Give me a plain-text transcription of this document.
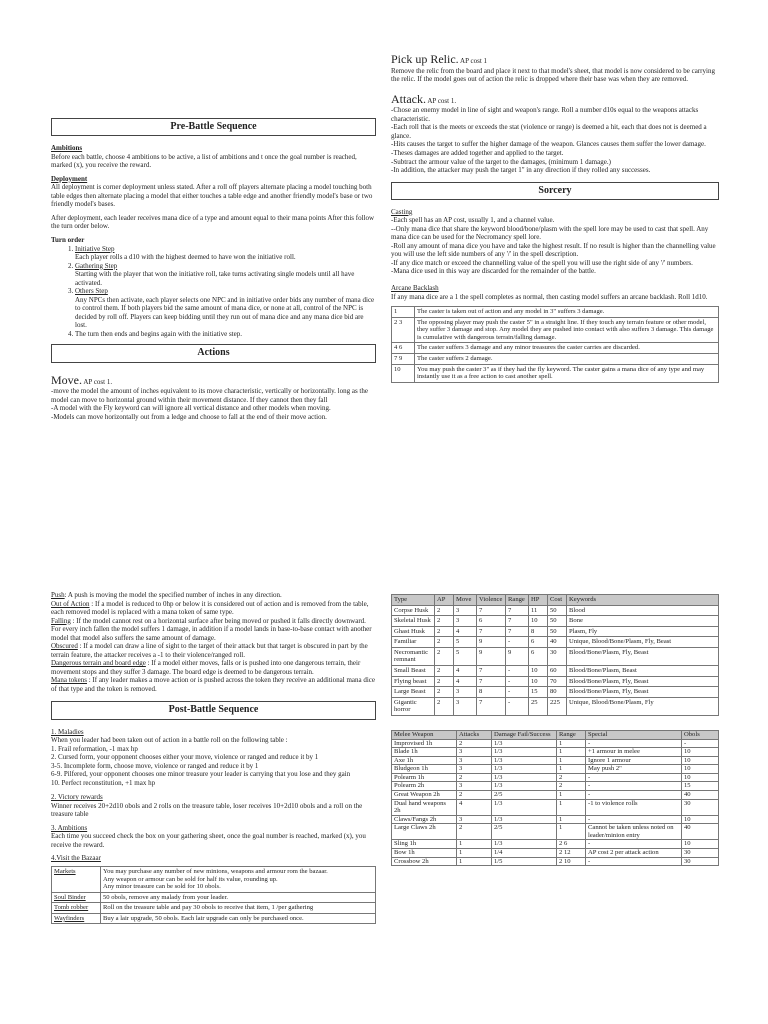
Pre-Battle Sequence
Ambitions

Before each battle, choose 4 ambitions to be active, a list of ambitions and t once the goal number is reached, marked (x), you receive the reward.

Deployment

All deployment is corner deployment unless stated. After a roll off players alternate placing a model touching both table edges then alternate placing a model that either touches a table edge and another friendly model's base or two friendly model's bases.

After deployment, each leader receives mana dice of a type and amount equal to their mana points After this follow the turn order below.

Turn order
1. Initiative Step
Each player rolls a d10 with the highest deemed to have won the initiative roll.
2. Gathering Step
Starting with the player that won the initiative roll, take turns activating single models until all have activated.
3. Others Step
Any NPCs then activate, each player selects one NPC and in initiative order bids any number of mana dice to control them. If both players bid the same amount of mana dice, or none at all, control of the NPC is decided by roll off. Players can keep bidding until they run out of mana dice and any mana dice bid are lost.
4. The turn then ends and begins again with the initiative step.
Actions
Move. AP cost 1.
-move the model the amount of inches equivalent to its move characteristic, vertically or horizontally. long as the model can move to horizontal ground within their movement distance. If they cannot then they fall
-A model with the Fly keyword can will ignore all vertical distance and other models when moving.
-Models can move horizontally out from a ledge and choose to fall at the end of their move action.
Pick up Relic. AP cost 1

Remove the relic from the board and place it next to that model's sheet, that model is now considered to be carrying the relic. If the model goes out of action the relic is dropped where their base was when they are removed.

Attack. AP cost 1.
-Chose an enemy model in line of sight and weapon's range. Roll a number d10s equal to the weapons attacks characteristic.
-Each roll that is the meets or exceeds the stat (violence or range) is deemed a hit, each that does not is deemed a glance.
-Hits causes the target to suffer the higher damage of the weapon. Glances causes them suffer the lower damage.
-Theses damages are added together and applied to the target.
-Subtract the armour value of the target to the damages, (minimum 1 damage.)
-In addition, the attacker may push the target 1" in any direction if they rolled any successes.
Sorcery
Casting
-Each spell has an AP cost, usually 1, and a channel value.
--Only mana dice that share the keyword blood/bone/plasm with the spell lore may be used to cast that spell. Any mana dice can be used for the Necromancy spell lore.
-Roll any amount of mana dice you have and take the highest result. If no result is higher than the channelling value you will use the left side numbers of any '/' in the spell description.
-If any dice match or exceed the channelling value of the spell you will use the right side of any '/' numbers.
-Mana dice used in this way are discarded for the remainder of the battle.
Arcane Backlash

If any mana dice are a 1 the spell completes as normal, then casting model suffers an arcane backlash. Roll 1d10.

1	The caster is taken out of action and any model in 3" suffers 3 damage.
2 3	The opposing player may push the caster 5" in a straight line. If they touch any terrain feature or other model, they suffer 3 damage and stop. Any model they are pushed into contact with also suffers 3 damage. This damage is cumulative with dangerous terrain/falling damage.
4 6	The caster suffers 3 damage and any minor treasures the caster carries are discarded.
7 9	The caster suffers 2 damage.
10	You may push the caster 3" as if they had the fly keyword. The caster gains a mana dice of any type and may instantly use it as a free action to cast another spell.
Push: A push is moving the model the specified number of inches in any direction.
Out of Action : If a model is reduced to 0hp or below it is considered out of action and is removed from the table, each removed model is replaced with a mana token of same type.
Falling : If the model cannot rest on a horizontal surface after being moved or pushed it falls directly downward. For every inch fallen the model suffers 1 damage, in addition if a model lands in base-to-base contact with another model that model also suffers the same amount of damage.
Obscured : If a model can draw a line of sight to the target of their attack but that target is obscured in part by the terrain feature, the attacker receives a -1 to their violence/ranged roll.
Dangerous terrain and board edge : If a model either moves, falls or is pushed into one dangerous terrain, their movement stops and they suffer 3 damage. The board edge is deemed to be dangerous terrain.
Mana tokens : If any leader makes a move action or is pushed across the token they receive an additional mana dice of that type and the token is removed.
Post-Battle Sequence
1. Maladies
When you leader had been taken out of action in a battle roll on the following table :
1. Frail reformation, -1 max hp
2. Cursed form, your opponent chooses either your move, violence or ranged and reduce it by 1
3-5. Incomplete form, choose move, violence or ranged and reduce it by 1
6-9. Pilfered, your opponent chooses one minor treasure your leader is carrying that you lose and they gain
10. Perfect reconstitution, +1 max hp
2. Victory rewards

Winner receives 20+2d10 obols and 2 rolls on the treasure table, loser receives 10+2d10 obols and a roll on the treasure table

3. Ambitions

Each time you succeed check the box on your gathering sheet, once the goal number is reached, marked (x), you receive the reward.

4.Visit the Bazaar
Markets	You may purchase any number of new minions, weapons and armour rom the bazaar.
Any weapon or armour can be sold for half its value, rounding up.
Any minor treasure can be sold for 10 obols.

Soul Binder	50 obols, remove any malady from your leader.
Tomb robber	Roll on the treasure table and pay 30 obols to receive that item, 1 /per gathering
Wayfinders	Buy a lair upgrade, 50 obols. Each lair upgrade can only be purchased once.
Type	AP	Move	Violence	Range	HP	Cost	Keywords
Corpse Husk	2	3	7	7	11	50	Blood
Skeletal Husk	2	3	6	7	10	50	Bone
Ghast Husk	2	4	7	7	8	50	Plasm, Fly
Familiar	2	5	9	-	6	40	Unique, Blood/Bone/Plasm, Fly, Beast
Necromantic remnant	2	5	9	9	6	30	Blood/Bone/Plasm, Fly, Beast
Small Beast	2	4	7	-	10	60	Blood/Bone/Plasm, Beast
Flying beast	2	4	7	-	10	70	Blood/Bone/Plasm, Fly, Beast
Large Beast	2	3	8	-	15	80	Blood/Bone/Plasm, Fly, Beast
Gigantic horror	2	3	7	-	25	225	Unique, Blood/Bone/Plasm, Fly
Melee Weapon	Attacks	Damage Fail/Success	Range	Special	Obols
Improvised 1h	2	1/3	1	-	-
Blade 1h	3	1/3	1	+1 armour in melee	10
Axe 1h	3	1/3	1	Ignore 1 armour	10
Bludgeon 1h	3	1/3	1	May push 2"	10
Polearm 1h	2	1/3	2	-	10
Polearm 2h	3	1/3	2	-	15
Great Weapon 2h	2	2/5	1	-	40
Dual hand weapons 2h	4	1/3	1	-1 to violence rolls	30
Claws/Fangs 2h	3	1/3	1	-	10
Large Claws 2h	2	2/5	1	Cannot be taken unless noted on leader/minion entry	40
Sling 1h	1	1/3	2 6	-	10
Bow 1h	1	1/4	2 12	AP cost 2 per attack action	30
Crossbow 2h	1	1/5	2 10	-	30
